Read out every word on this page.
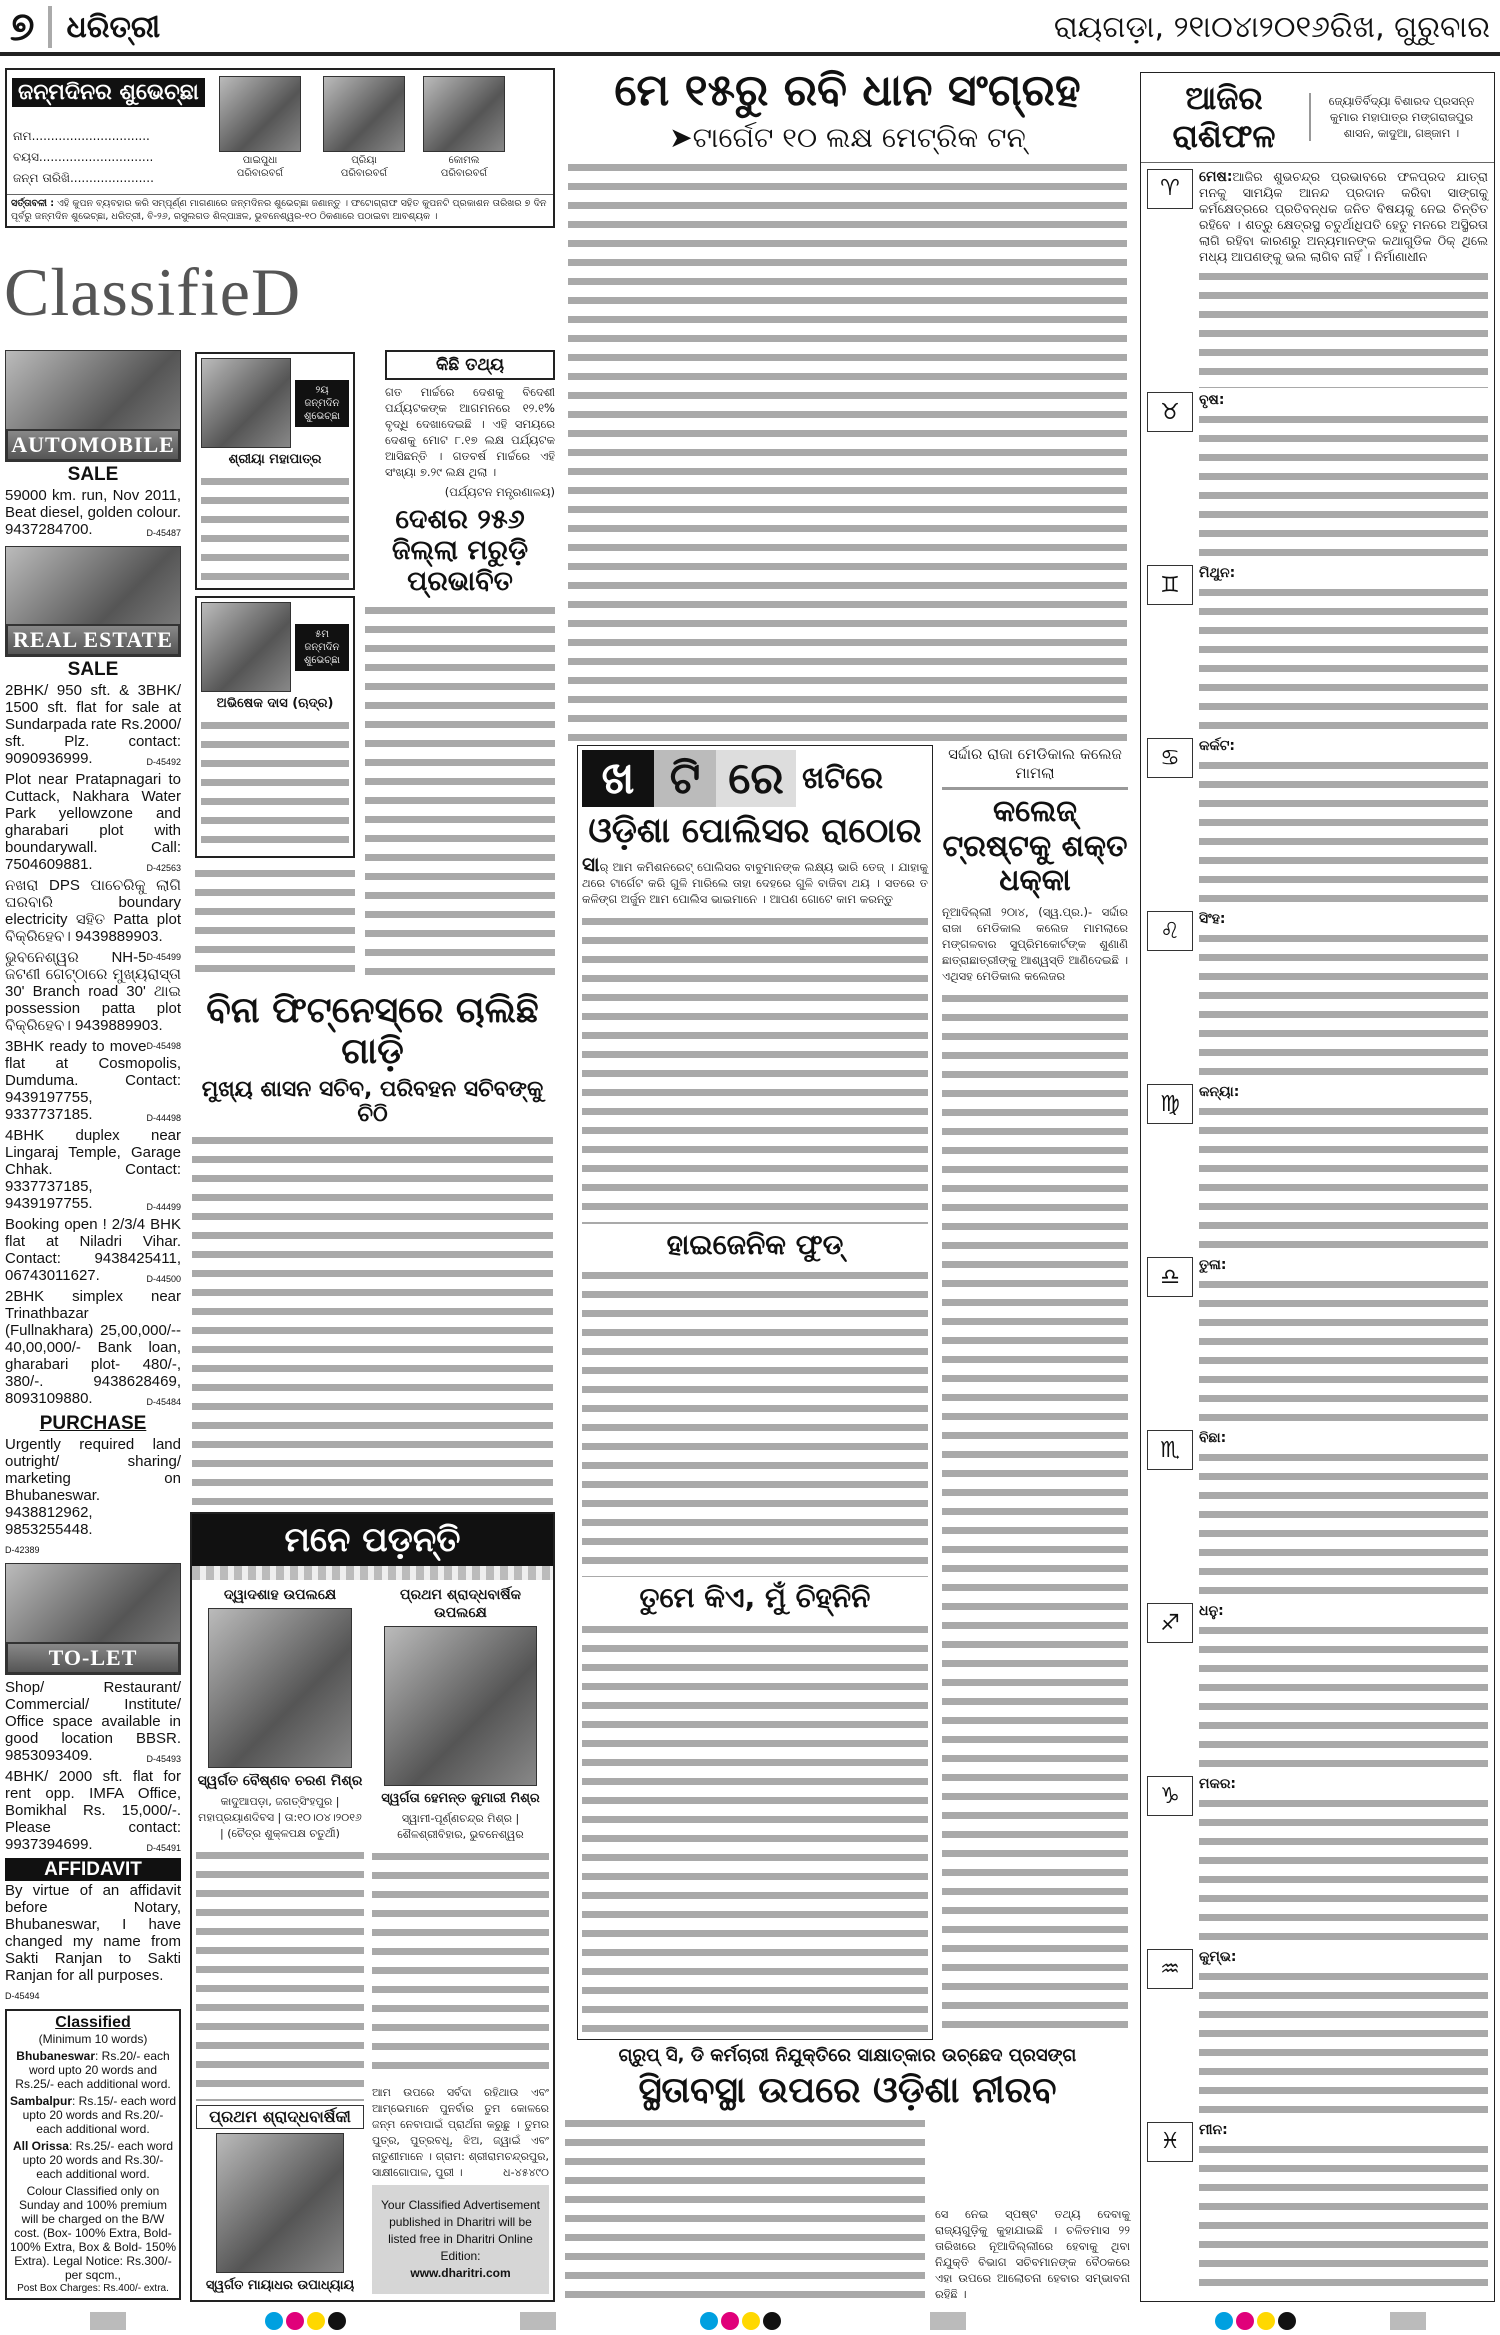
୭ ଧରିତ୍ରୀ	ରାୟଗଡ଼ା, ୨୧ା୦୪ା୨୦୧୬ରିଖ, ଗୁରୁବାର
ଜନ୍ମଦିନର ଶୁଭେଚ୍ଛା
ନାମ...............................
ବୟସ..............................
ଜନ୍ମ ତାରିଖି......................
ପାଇପୁଧା
ପରିବାରବର୍ଗ
ପ୍ରିୟା
ପରିବାରବର୍ଗ
କୋମଲ
ପରିବାରବର୍ଗ
ସର୍ତ୍ତାବଳୀ : ଏହି କୁପନ ବ୍ୟବହାର କରି ସମ୍ପୂର୍ଣ୍ଣ ମାଗଣାରେ ଜନ୍ମଦିନର ଶୁଭେଚ୍ଛା ଜଣାନ୍ତୁ । ଫଟୋଗ୍ରାଫ ସହିତ କୁପନଟି ପ୍ରକାଶନ ତାରିଖର ୭ ଦିନ ପୂର୍ବରୁ ଜନ୍ମଦିନ ଶୁଭେଚ୍ଛା, ଧରିତ୍ରୀ, ବି-୨୬, ରସୁଲଗଡ ଶିଳ୍ପାଞ୍ଚଳ, ଭୁବନେଶ୍ୱର-୧୦ ଠିକଣାରେ ପଠାଇବା ଆବଶ୍ୟକ ।
ClassifieD
AUTOMOBILE
SALE

59000 km. run, Nov 2011, Beat diesel, golden colour. 9437284700.	D-45487

REAL ESTATE
SALE

2BHK/ 950 sft. & 3BHK/ 1500 sft. flat for sale at Sundarpada rate Rs.2000/ sft. Plz. contact: 9090936999.	D-45492

Plot near Pratapnagari to Cuttack, Nakhara Water Park yellowzone and gharabari plot with boundarywall. Call: 7504609881.	D-42563

ନଖରା DPS ପାଚେରିକୁ ଲାଗି ଘରବାରି boundary electricity ସହିତ Patta plot ବିକ୍ରିହେବ। 9439889903.
D-45499

ଭୁବନେଶ୍ୱର NH-5 ଜଟଣୀ ଗେଟ୍ଠାରେ ମୁଖ୍ୟରାସ୍ତା 30' Branch road 30' ଥାଇ possession patta plot ବିକ୍ରିହେବ। 9439889903.
D-45498

3BHK ready to move flat at Cosmopolis, Dumduma. Contact: 9439197755, 9337737185.	D-44498

4BHK duplex near Lingaraj Temple, Garage Chhak. Contact: 9337737185, 9439197755.	D-44499

Booking open ! 2/3/4 BHK flat at Niladri Vihar. Contact: 9438425411, 06743011627.	D-44500

2BHK simplex near Trinathbazar (Fullnakhara) 25,00,000/-- 40,00,000/- Bank loan, gharabari plot- 480/-, 380/-. 9438628469, 8093109880.	D-45484

PURCHASE

Urgently required land outright/ sharing/ marketing on Bhubaneswar. 9438812962, 9853255448.
D-42389

TO-LET

Shop/ Restaurant/ Commercial/ Institute/ Office space available in good location BBSR. 9853093409.	D-45493

4BHK/ 2000 sft. flat for rent opp. IMFA Office, Bomikhal Rs. 15,000/-. Please contact: 9937394699.	D-45491

AFFIDAVIT

By virtue of an affidavit before Notary, Bhubaneswar, I have changed my name from Sakti Ranjan to Sakti Ranjan for all purposes.
D-45494

Classified
(Minimum 10 words)
Bhubaneswar: Rs.20/- each word upto 20 words and Rs.25/- each additional word.
Sambalpur: Rs.15/- each word upto 20 words and Rs.20/- each additional word.
All Orissa: Rs.25/- each word upto 20 words and Rs.30/- each additional word.
Colour Classified only on Sunday and 100% premium will be charged on the B/W cost. (Box- 100% Extra, Bold- 100% Extra, Box & Bold- 150% Extra). Legal Notice: Rs.300/- per sqcm.,
Post Box Charges: Rs.400/- extra.
କିଛି ତଥ୍ୟ
ଗତ ମାର୍ଚ୍ଚରେ ଦେଶକୁ ବିଦେଶୀ ପର୍ଯ୍ୟଟକଙ୍କ ଆଗମନରେ ୧୨.୧% ବୃଦ୍ଧି ଦେଖାଦେଇଛି । ଏହି ସମୟରେ ଦେଶକୁ ମୋଟ ୮.୧୭ ଲକ୍ଷ ପର୍ଯ୍ୟଟକ ଆସିଛନ୍ତି । ଗତବର୍ଷ ମାର୍ଚ୍ଚରେ ଏହି ସଂଖ୍ୟା ୭.୨୯ ଲକ୍ଷ ଥିଲା ।
(ପର୍ଯ୍ୟଟନ ମନ୍ତ୍ରଣାଳୟ)
ଦେଶର ୨୫୬ ଜିଲ୍ଲା ମରୁଡ଼ି ପ୍ରଭାବିତ
୨ୟ ଜନ୍ମଦିନ ଶୁଭେଚ୍ଛା
ଶ୍ରୀୟା ମହାପାତ୍ର
୫ମ ଜନ୍ମଦିନ ଶୁଭେଚ୍ଛା
ଅଭିଷେକ ଦାସ (ଋଦ୍ର)
ବିନା ଫିଟ୍‌ନେସ୍‌ରେ ଚାଲିଛି ଗାଡ଼ି
ମୁଖ୍ୟ ଶାସନ ସଚିବ, ପରିବହନ ସଚିବଙ୍କୁ ଚିଠି
ମନେ ପଡ଼ନ୍ତି
ଦ୍ୱାଦଶାହ ଉପଲକ୍ଷେ
ସ୍ୱର୍ଗତ ବୈଷ୍ଣବ ଚରଣ ମିଶ୍ର
କାଦୁଆପଡ଼ା, ଜଗତ୍‌ସିଂହପୁର | ମହାପ୍ରୟାଣଦିବସ | ତା:୧୦।୦୪।୨୦୧୬ | (ଚୈତ୍ର ଶୁକ୍ଳପକ୍ଷ ଚତୁର୍ଥୀ)
ପ୍ରଥମ ଶ୍ରାଦ୍ଧବାର୍ଷିକୀ
ସ୍ୱର୍ଗତ ମାୟାଧର ଉପାଧ୍ୟାୟ
ପ୍ରଥମ ଶ୍ରାଦ୍ଧବାର୍ଷିକ ଉପଲକ୍ଷେ
ସ୍ୱର୍ଗତା ହେମନ୍ତ କୁମାରୀ ମିଶ୍ର
ସ୍ୱାମୀ-ପୂର୍ଣ୍ଣଚନ୍ଦ୍ର ମିଶ୍ର | ଶୈଳଶ୍ରୀବିହାର, ଭୁବନେଶ୍ୱର
ଆମ ଉପରେ ସର୍ବଦା ରହିଥାଉ ଏବଂ ଆମ୍ଭେମାନେ ପୁନର୍ବାର ତୁମ କୋଳରେ ଜନ୍ମ ନେବାପାଇଁ ପ୍ରାର୍ଥନା କରୁଛୁ । ତୁମର ପୁତ୍ର, ପୁତ୍ରବଧୂ, ଝିଅ, ଜ୍ୱାଇଁ ଏବଂ ନାତୁଣୀମାନେ । ଗ୍ରାମ: ଶ୍ରୀରାମଚନ୍ଦ୍ରପୁର, ସାକ୍ଷୀଗୋପାଳ, ପୁରୀ ।	ଧ-୪୫୪୯୦
Your Classified Advertisement published in Dharitri will be listed free in Dharitri Online Edition:
www.dharitri.com
ମେ ୧୫ରୁ ରବି ଧାନ ସଂଗ୍ରହ
➤ଟାର୍ଗେଟ ୧୦ ଲକ୍ଷ ମେଟ୍ରିକ ଟନ୍
ଖ ଟି ରେ ଖଟିରେ
ଓଡ଼ିଶା ପୋଲିସର ରାଠୋର
ସାର୍ ଆମ କମିଶନରେଟ୍ ପୋଲିସର ବାବୁମାନଙ୍କ ଲକ୍ଷ୍ୟ ଭାରି ତେଜ୍ । ଯାହାକୁ ଥରେ ଟାର୍ଗେଟ କରି ଗୁଳି ମାରିଲେ ତାହା ଦେହରେ ଗୁଳି ବାଜିବା ଥୟ । ସତରେ ତ କଳିଙ୍ଗ ଅର୍ଜୁନ ଆମ ପୋଲିସ ଭାଇମାନେ । ଆପଣ ଗୋଟେ କାମ କରନ୍ତୁ
ହାଇଜେନିକ ଫୁଡ୍
ତୁମେ କିଏ, ମୁଁ ଚିହ୍ନିନି
ସର୍ଦ୍ଦାର ରାଜା ମେଡିକାଲ କଲେଜ ମାମଲା
କଲେଜ୍ ଟ୍ରଷ୍ଟକୁ ଶକ୍ତ ଧକ୍କା
ନୂଆଦିଲ୍ଲୀ ୨୦ା୪, (ସ୍ୱ.ପ୍ର.)- ସର୍ଦ୍ଦାର ରାଜା ମେଡିକାଲ କଲେଜ ମାମଲାରେ ମଙ୍ଗଳବାର ସୁପ୍ରିମକୋର୍ଟଙ୍କ ଶୁଣାଣି ଛାତ୍ରାଛାତ୍ରୀଙ୍କୁ ଆଶ୍ୱସ୍ତି ଆଣିଦେଇଛି । ଏଥିସହ ମେଡିକାଲ କଲେଜର
ଗ୍ରୁପ୍ ସି, ଡି କର୍ମଚାରୀ ନିଯୁକ୍ତିରେ ସାକ୍ଷାତ୍‌କାର ଉଚ୍ଛେଦ ପ୍ରସଙ୍ଗ
ସ୍ଥିତାବସ୍ଥା ଉପରେ ଓଡ଼ିଶା ନୀରବ
ସେ ନେଇ ସ୍ପଷ୍ଟ ତଥ୍ୟ ଦେବାକୁ ରାଜ୍ୟଗୁଡ଼ିକୁ କୁହାଯାଇଛି । ଚଳିତମାସ ୨୨ ତାରିଖରେ ନୂଆଦିଲ୍ଲୀରେ ହେବାକୁ ଥିବା ନିଯୁକ୍ତି ବିଭାଗ ସଚିବମାନଙ୍କ ବୈଠକରେ ଏହା ଉପରେ ଆଲୋଚନା ହେବାର ସମ୍ଭାବନା ରହିଛି ।
ଆଜିର ରାଶିଫଳ
ଜ୍ୟୋତିର୍ବିଦ୍ୟା ବିଶାରଦ ପ୍ରସନ୍ନ କୁମାର ମହାପାତ୍ର ମଙ୍ଗରାଜପୁର ଶାସନ, କାଦୁଆ, ଗଞ୍ଜାମ ।
♈	ମେଷ:ଆଜିର ଶୁଭଚନ୍ଦ୍ର ପ୍ରଭାବରେ ଫଳପ୍ରଦ ଯାତ୍ରା ମନକୁ ସାମୟିକ ଆନନ୍ଦ ପ୍ରଦାନ କରିବା ସାଙ୍ଗକୁ କର୍ମକ୍ଷେତ୍ରରେ ପ୍ରତିବନ୍ଧକ ଜନିତ ବିଷୟକୁ ନେଇ ଚିନ୍ତିତ ରହିବେ । ଶତ୍ରୁ କ୍ଷେତ୍ରସ୍ଥ ଚତୁର୍ଥାଧିପତି ହେତୁ ମନରେ ଅସ୍ଥିରତା ଲାଗି ରହିବା କାରଣରୁ ଅନ୍ୟମାନଙ୍କ କଥାଗୁଡିକ ଠିକ୍ ଥିଲେ ମଧ୍ୟ ଆପଣଙ୍କୁ ଭଲ ଲାଗିବ ନାହିଁ । ନିର୍ମାଣାଧୀନ
♉	ବୃଷ:
♊	ମିଥୁନ:
♋	କର୍କଟ:
♌	ସିଂହ:
♍	କନ୍ୟା:
♎	ତୁଳା:
♏	ବିଛା:
♐	ଧନୁ:
♑	ମକର:
♒	କୁମ୍ଭ:
♓	ମୀନ:
